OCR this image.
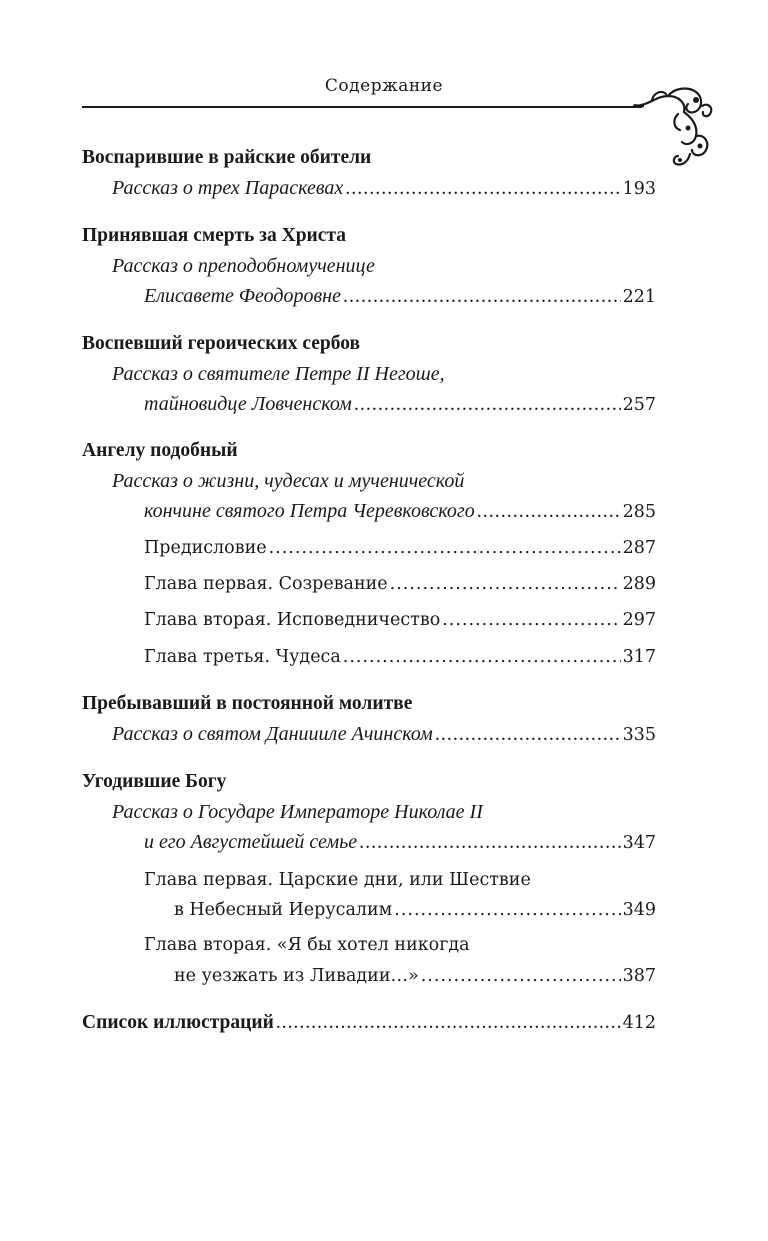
Содержание
Воспарившие в райские обители
Рассказ о трех Параскевах .....	193
Принявшая смерть за Христа
Рассказ о преподобномученице
Елисавете Феодоровне .....	221
Воспевший героических сербов
Рассказ о святителе Петре II Негоше,
тайновидце Ловченском .....	257
Ангелу подобный
Рассказ о жизни, чудесах и мученической
кончине святого Петра Черевковского .....	285
Предисловие .....	287
Глава первая. Созревание .....	289
Глава вторая. Исповедничество .....	297
Глава третья. Чудеса .....	317
Пребывавший в постоянной молитве
Рассказ о святом Даниииле Ачинском .....	335
Угодившие Богу
Рассказ о Государе Императоре Николае II
и его Августейшей семье .....	347
Глава первая. Царские дни, или Шествие
в Небесный Иерусалим .....	349
Глава вторая. «Я бы хотел никогда
не уезжать из Ливадии…» .....	387
Список иллюстраций .....	412
